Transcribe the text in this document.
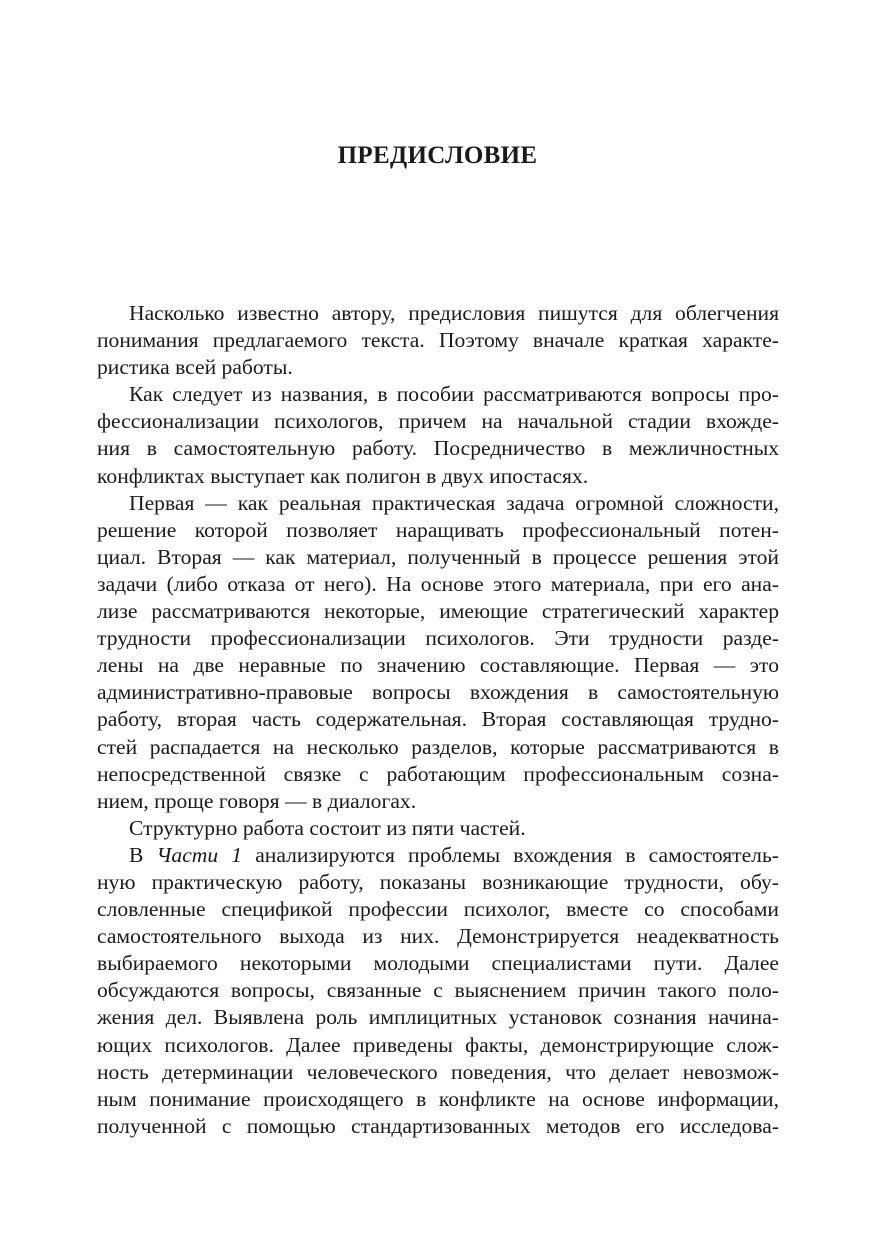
ПРЕДИСЛОВИЕ
Насколько известно автору, предисловия пишутся для облегчения
понимания предлагаемого текста. Поэтому вначале краткая характе-
ристика всей работы.
Как следует из названия, в пособии рассматриваются вопросы про-
фессионализации психологов, причем на начальной стадии вхожде-
ния в самостоятельную работу. Посредничество в межличностных
конфликтах выступает как полигон в двух ипостасях.
Первая — как реальная практическая задача огромной сложности,
решение которой позволяет наращивать профессиональный потен-
циал. Вторая — как материал, полученный в процессе решения этой
задачи (либо отказа от него). На основе этого материала, при его ана-
лизе рассматриваются некоторые, имеющие стратегический характер
трудности профессионализации психологов. Эти трудности разде-
лены на две неравные по значению составляющие. Первая — это
административно-правовые вопросы вхождения в самостоятельную
работу, вторая часть содержательная. Вторая составляющая трудно-
стей распадается на несколько разделов, которые рассматриваются в
непосредственной связке с работающим профессиональным созна-
нием, проще говоря — в диалогах.
Структурно работа состоит из пяти частей.
В Части 1 анализируются проблемы вхождения в самостоятель-
ную практическую работу, показаны возникающие трудности, обу-
словленные спецификой профессии психолог, вместе со способами
самостоятельного выхода из них. Демонстрируется неадекватность
выбираемого некоторыми молодыми специалистами пути. Далее
обсуждаются вопросы, связанные с выяснением причин такого поло-
жения дел. Выявлена роль имплицитных установок сознания начина-
ющих психологов. Далее приведены факты, демонстрирующие слож-
ность детерминации человеческого поведения, что делает невозмож-
ным понимание происходящего в конфликте на основе информации,
полученной с помощью стандартизованных методов его исследова-
